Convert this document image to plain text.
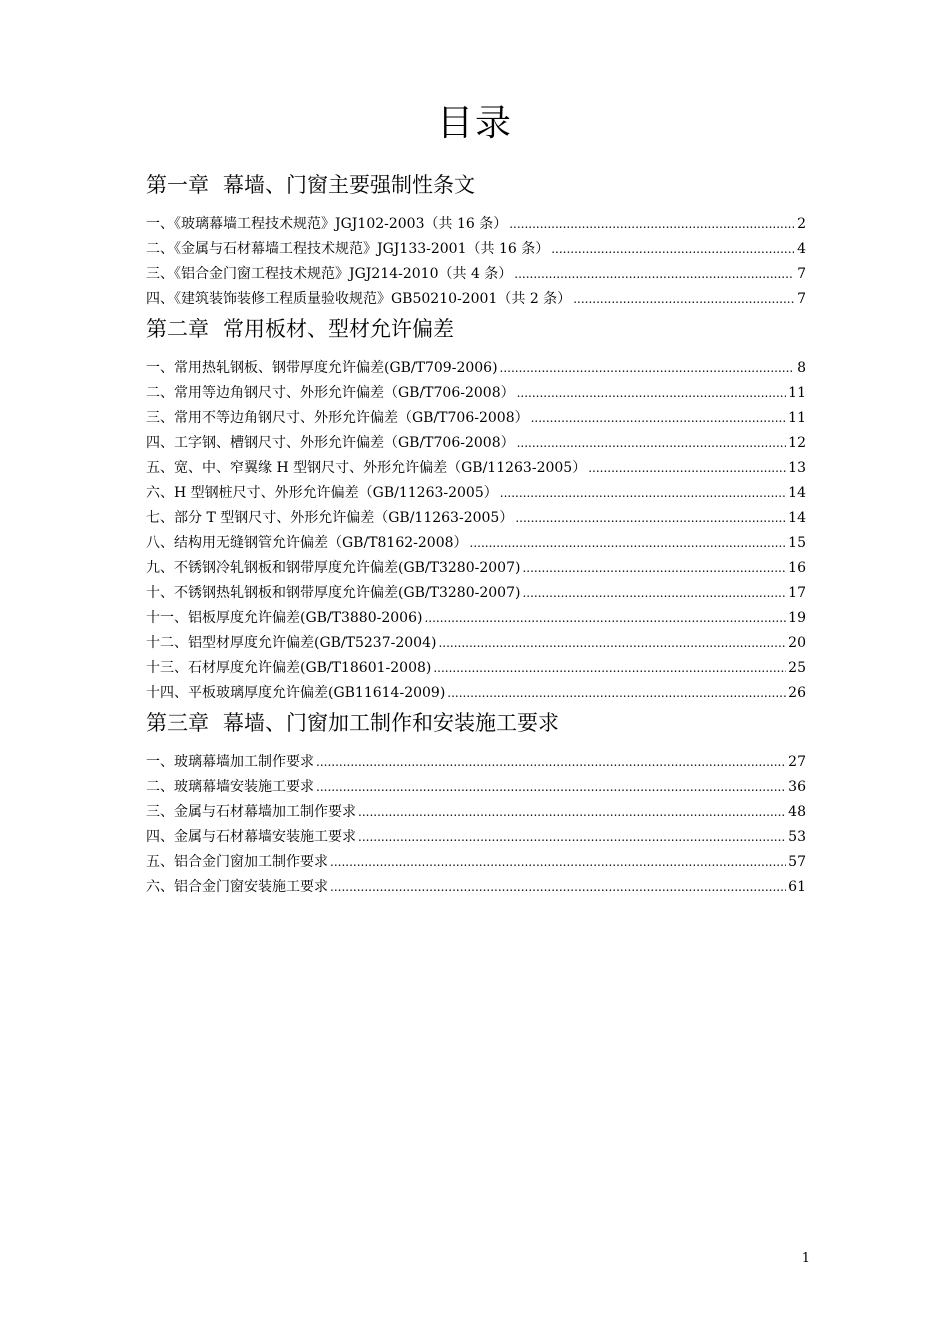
目录
第一章 幕墙、门窗主要强制性条文
一、《玻璃幕墙工程技术规范》JGJ102-2003（共 16 条） .....	2
二、《金属与石材幕墙工程技术规范》JGJ133-2001（共 16 条） .....	4
三、《铝合金门窗工程技术规范》JGJ214-2010（共 4 条） .....	7
四、《建筑装饰装修工程质量验收规范》GB50210-2001（共 2 条） .....	7
第二章 常用板材、型材允许偏差
一、常用热轧钢板、钢带厚度允许偏差(GB/T709-2006) .....	8
二、常用等边角钢尺寸、外形允许偏差（GB/T706-2008） .....	11
三、常用不等边角钢尺寸、外形允许偏差（GB/T706-2008） .....	11
四、工字钢、槽钢尺寸、外形允许偏差（GB/T706-2008） .....	12
五、宽、中、窄翼缘 H 型钢尺寸、外形允许偏差（GB/11263-2005） .....	13
六、H 型钢桩尺寸、外形允许偏差（GB/11263-2005） .....	14
七、部分 T 型钢尺寸、外形允许偏差（GB/11263-2005） .....	14
八、结构用无缝钢管允许偏差（GB/T8162-2008） .....	15
九、不锈钢冷轧钢板和钢带厚度允许偏差(GB/T3280-2007) .....	16
十、不锈钢热轧钢板和钢带厚度允许偏差(GB/T3280-2007) .....	17
十一、铝板厚度允许偏差(GB/T3880-2006) .....	19
十二、铝型材厚度允许偏差(GB/T5237-2004) .....	20
十三、石材厚度允许偏差(GB/T18601-2008) .....	25
十四、平板玻璃厚度允许偏差(GB11614-2009) .....	26
第三章 幕墙、门窗加工制作和安装施工要求
一、玻璃幕墙加工制作要求 .....	27
二、玻璃幕墙安装施工要求 .....	36
三、金属与石材幕墙加工制作要求 .....	48
四、金属与石材幕墙安装施工要求 .....	53
五、铝合金门窗加工制作要求 .....	57
六、铝合金门窗安装施工要求 .....	61
1
